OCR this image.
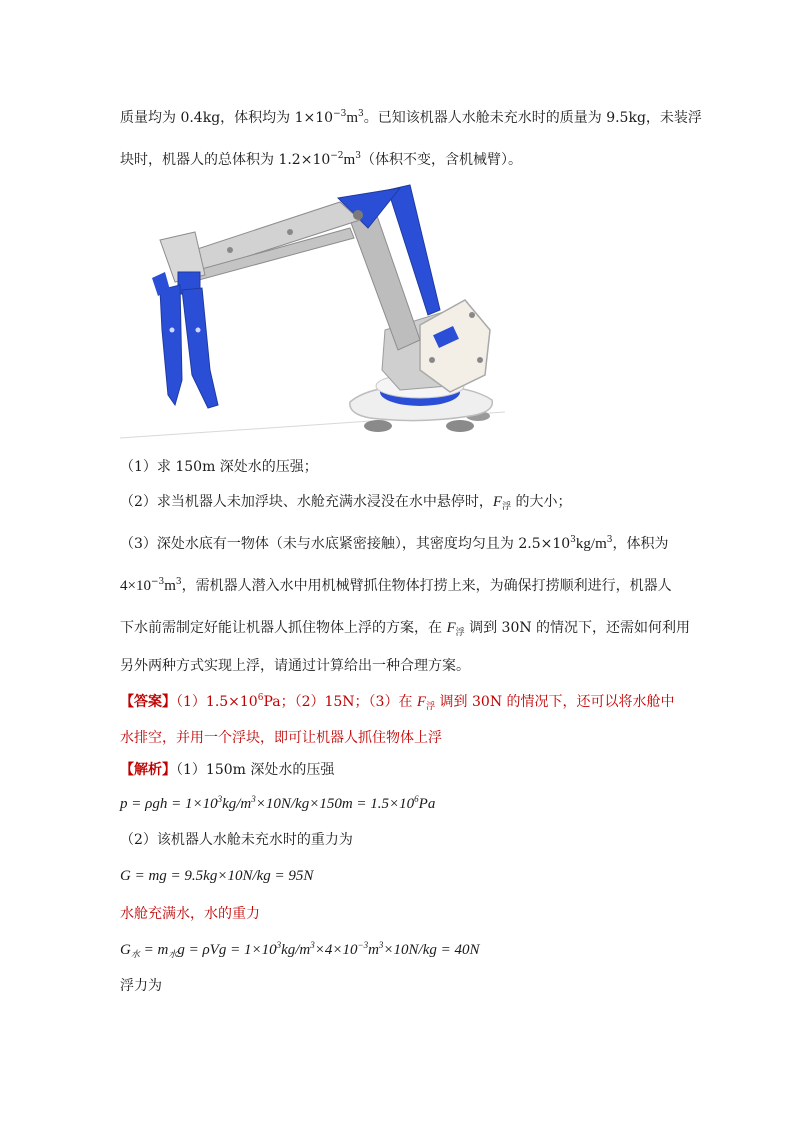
质量均为 0.4kg，体积均为 $1\times 10^{-3}m^3$。已知该机器人水舱未充水时的质量为 9.5kg，未装浮
块时，机器人的总体积为 $1.2\times 10^{-2}m^3$（体积不变，含机械臂）。
（1）求 150m 深处水的压强；
（2）求当机器人未加浮块、水舱充满水浸没在水中悬停时，$F_浮$ 的大小；
（3）深处水底有一物体（未与水底紧密接触），其密度均匀且为 $2.5\times 10^3kg/m^3$，体积为
$4\times 10^{-3}m^3$，需机器人潜入水中用机械臂抓住物体打捞上来，为确保打捞顺利进行，机器人
下水前需制定好能让机器人抓住物体上浮的方案，在 $F_浮$ 调到 30N 的情况下，还需如何利用
另外两种方式实现上浮，请通过计算给出一种合理方案。
【答案】$(1)1.5\times 10^6Pa$；（2）15N；（3）在 $F_浮$ 调到 30N 的情况下，还可以将水舱中
水排空，并用一个浮块，即可让机器人抓住物体上浮
【解析】（1）150m 深处水的压强
$p = \rho gh = 1\times 10^3kg/m^3\times 10N/kg\times 150m = 1.5\times 10^6Pa$
（2）该机器人水舱未充水时的重力为
G = mg = 9.5kg×10N/kg = 95N
水舱充满水，水的重力
$G_水 = m_水g = \rho Vg = 1\times 10^3kg/m^3\times 4\times 10^{-3}m^3\times 10N/kg = 40N$
浮力为
